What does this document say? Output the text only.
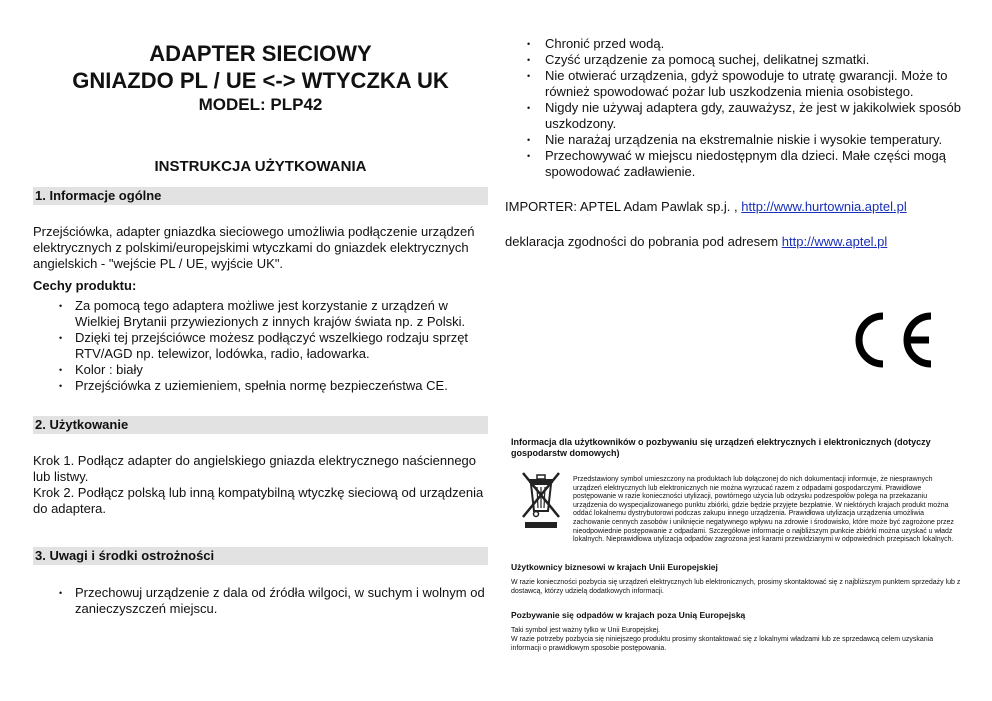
ADAPTER SIECIOWY

GNIAZDO PL / UE <-> WTYCZKA UK

MODEL: PLP42

INSTRUKCJA UŻYTKOWANIA

1. Informacje ogólne

Przejściówka, adapter gniazdka sieciowego umożliwia podłączenie urządzeń elektrycznych z polskimi/europejskimi wtyczkami do gniazdek elektrycznych angielskich - "wejście PL / UE, wyjście UK".

Cechy produktu:

• Za pomocą tego adaptera możliwe jest korzystanie z urządzeń w Wielkiej Brytanii przywiezionych z innych krajów świata np. z Polski.
• Dzięki tej przejściówce możesz podłączyć wszelkiego rodzaju sprzęt RTV/AGD np. telewizor, lodówka, radio, ładowarka.
• Kolor : biały
• Przejściówka z uziemieniem, spełnia normę bezpieczeństwa CE.
2. Użytkowanie

Krok 1. Podłącz adapter do angielskiego gniazda elektrycznego naściennego lub listwy.

Krok 2. Podłącz polską lub inną kompatybilną wtyczkę sieciową od urządzenia do adaptera.

3. Uwagi i środki ostrożności
• Przechowuj urządzenie z dala od źródła wilgoci, w suchym i wolnym od zanieczyszczeń miejscu.
• Chronić przed wodą.
• Czyść urządzenie za pomocą suchej, delikatnej szmatki.
• Nie otwierać urządzenia, gdyż spowoduje to utratę gwarancji. Może to również spowodować pożar lub uszkodzenia mienia osobistego.
• Nigdy nie używaj adaptera gdy, zauważysz, że jest w jakikolwiek sposób uszkodzony.
• Nie narażaj urządzenia na ekstremalnie niskie i wysokie temperatury.
• Przechowywać w miejscu niedostępnym dla dzieci. Małe części mogą spowodować zadławienie.

IMPORTER: APTEL Adam Pawlak sp.j. , http://www.hurtownia.aptel.pl

deklaracja zgodności do pobrania pod adresem http://www.aptel.pl

Informacja dla użytkowników o pozbywaniu się urządzeń elektrycznych i elektronicznych (dotyczy gospodarstw domowych)

Przedstawiony symbol umieszczony na produktach lub dołączonej do nich dokumentacji informuje, że niesprawnych urządzeń elektrycznych lub elektronicznych nie można wyrzucać razem z odpadami gospodarczymi. Prawidłowe postępowanie w razie konieczności utylizacji, powtórnego użycia lub odzysku podzespołów polega na przekazaniu urządzenia do wyspecjalizowanego punktu zbiórki, gdzie będzie przyjęte bezpłatnie. W niektórych krajach produkt można oddać lokalnemu dystrybutorowi podczas zakupu innego urządzenia. Prawidłowa utylizacja urządzenia umożliwia zachowanie cennych zasobów i uniknięcie negatywnego wpływu na zdrowie i środowisko, które może być zagrożone przez nieodpowiednie postępowanie z odpadami. Szczegółowe informacje o najbliższym punkcie zbiórki można uzyskać u władz lokalnych. Nieprawidłowa utylizacja odpadów zagrożona jest karami przewidzianymi w odpowiednich przepisach lokalnych.

Użytkownicy biznesowi w krajach Unii Europejskiej

W razie konieczności pozbycia się urządzeń elektrycznych lub elektronicznych, prosimy skontaktować się z najbliższym punktem sprzedaży lub z dostawcą, którzy udzielą dodatkowych informacji.

Pozbywanie się odpadów w krajach poza Unią Europejską

Taki symbol jest ważny tylko w Unii Europejskej.

W razie potrzeby pozbycia się niniejszego produktu prosimy skontaktować się z lokalnymi władzami lub ze sprzedawcą celem uzyskania informacji o prawidłowym sposobie postępowania.
